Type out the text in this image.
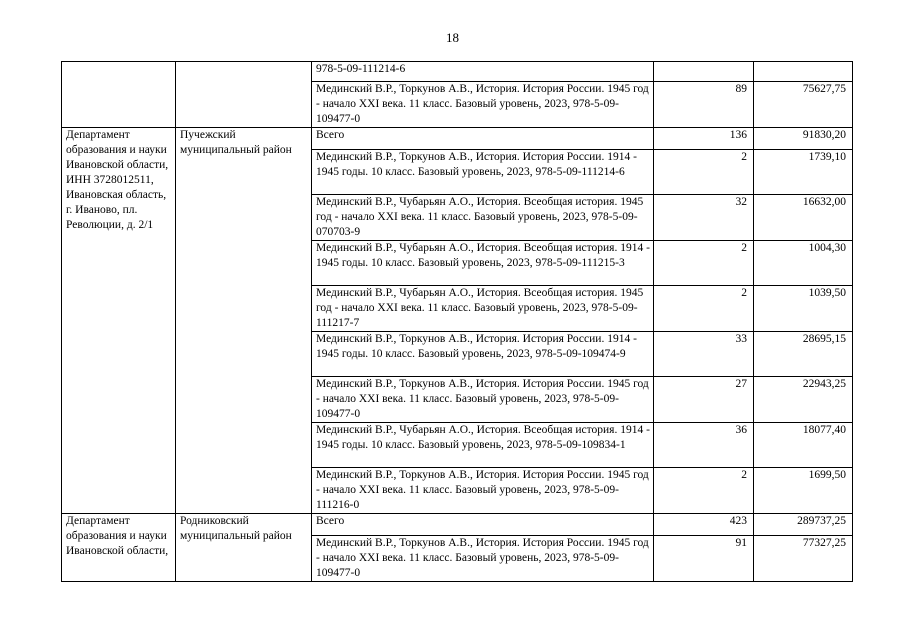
18
		978-5-09-111214-6		
		Мединский В.Р., Торкунов А.В., История. История России. 1945 год - начало XXI века. 11 класс. Базовый уровень, 2023, 978-5-09-109477-0	89	75627,75
Департамент образования и науки Ивановской области, ИНН 3728012511, Ивановская область, г. Иваново, пл. Революции, д. 2/1	Пучежский муниципальный район	Всего	136	91830,20
		Мединский В.Р., Торкунов А.В., История. История России. 1914 - 1945 годы. 10 класс. Базовый уровень, 2023, 978-5-09-111214-6	2	1739,10
		Мединский В.Р., Чубарьян А.О., История. Всеобщая история. 1945 год - начало XXI века. 11 класс. Базовый уровень, 2023, 978-5-09-070703-9	32	16632,00
		Мединский В.Р., Чубарьян А.О., История. Всеобщая история. 1914 - 1945 годы. 10 класс. Базовый уровень, 2023, 978-5-09-111215-3	2	1004,30
		Мединский В.Р., Чубарьян А.О., История. Всеобщая история. 1945 год - начало XXI века. 11 класс. Базовый уровень, 2023, 978-5-09-111217-7	2	1039,50
		Мединский В.Р., Торкунов А.В., История. История России. 1914 - 1945 годы. 10 класс. Базовый уровень, 2023, 978-5-09-109474-9	33	28695,15
		Мединский В.Р., Торкунов А.В., История. История России. 1945 год - начало XXI века. 11 класс. Базовый уровень, 2023, 978-5-09-109477-0	27	22943,25
		Мединский В.Р., Чубарьян А.О., История. Всеобщая история. 1914 - 1945 годы. 10 класс. Базовый уровень, 2023, 978-5-09-109834-1	36	18077,40
		Мединский В.Р., Торкунов А.В., История. История России. 1945 год - начало XXI века. 11 класс. Базовый уровень, 2023, 978-5-09-111216-0	2	1699,50
Департамент образования и науки Ивановской области,	Родниковский муниципальный район	Всего	423	289737,25
		Мединский В.Р., Торкунов А.В., История. История России. 1945 год - начало XXI века. 11 класс. Базовый уровень, 2023, 978-5-09-109477-0	91	77327,25
